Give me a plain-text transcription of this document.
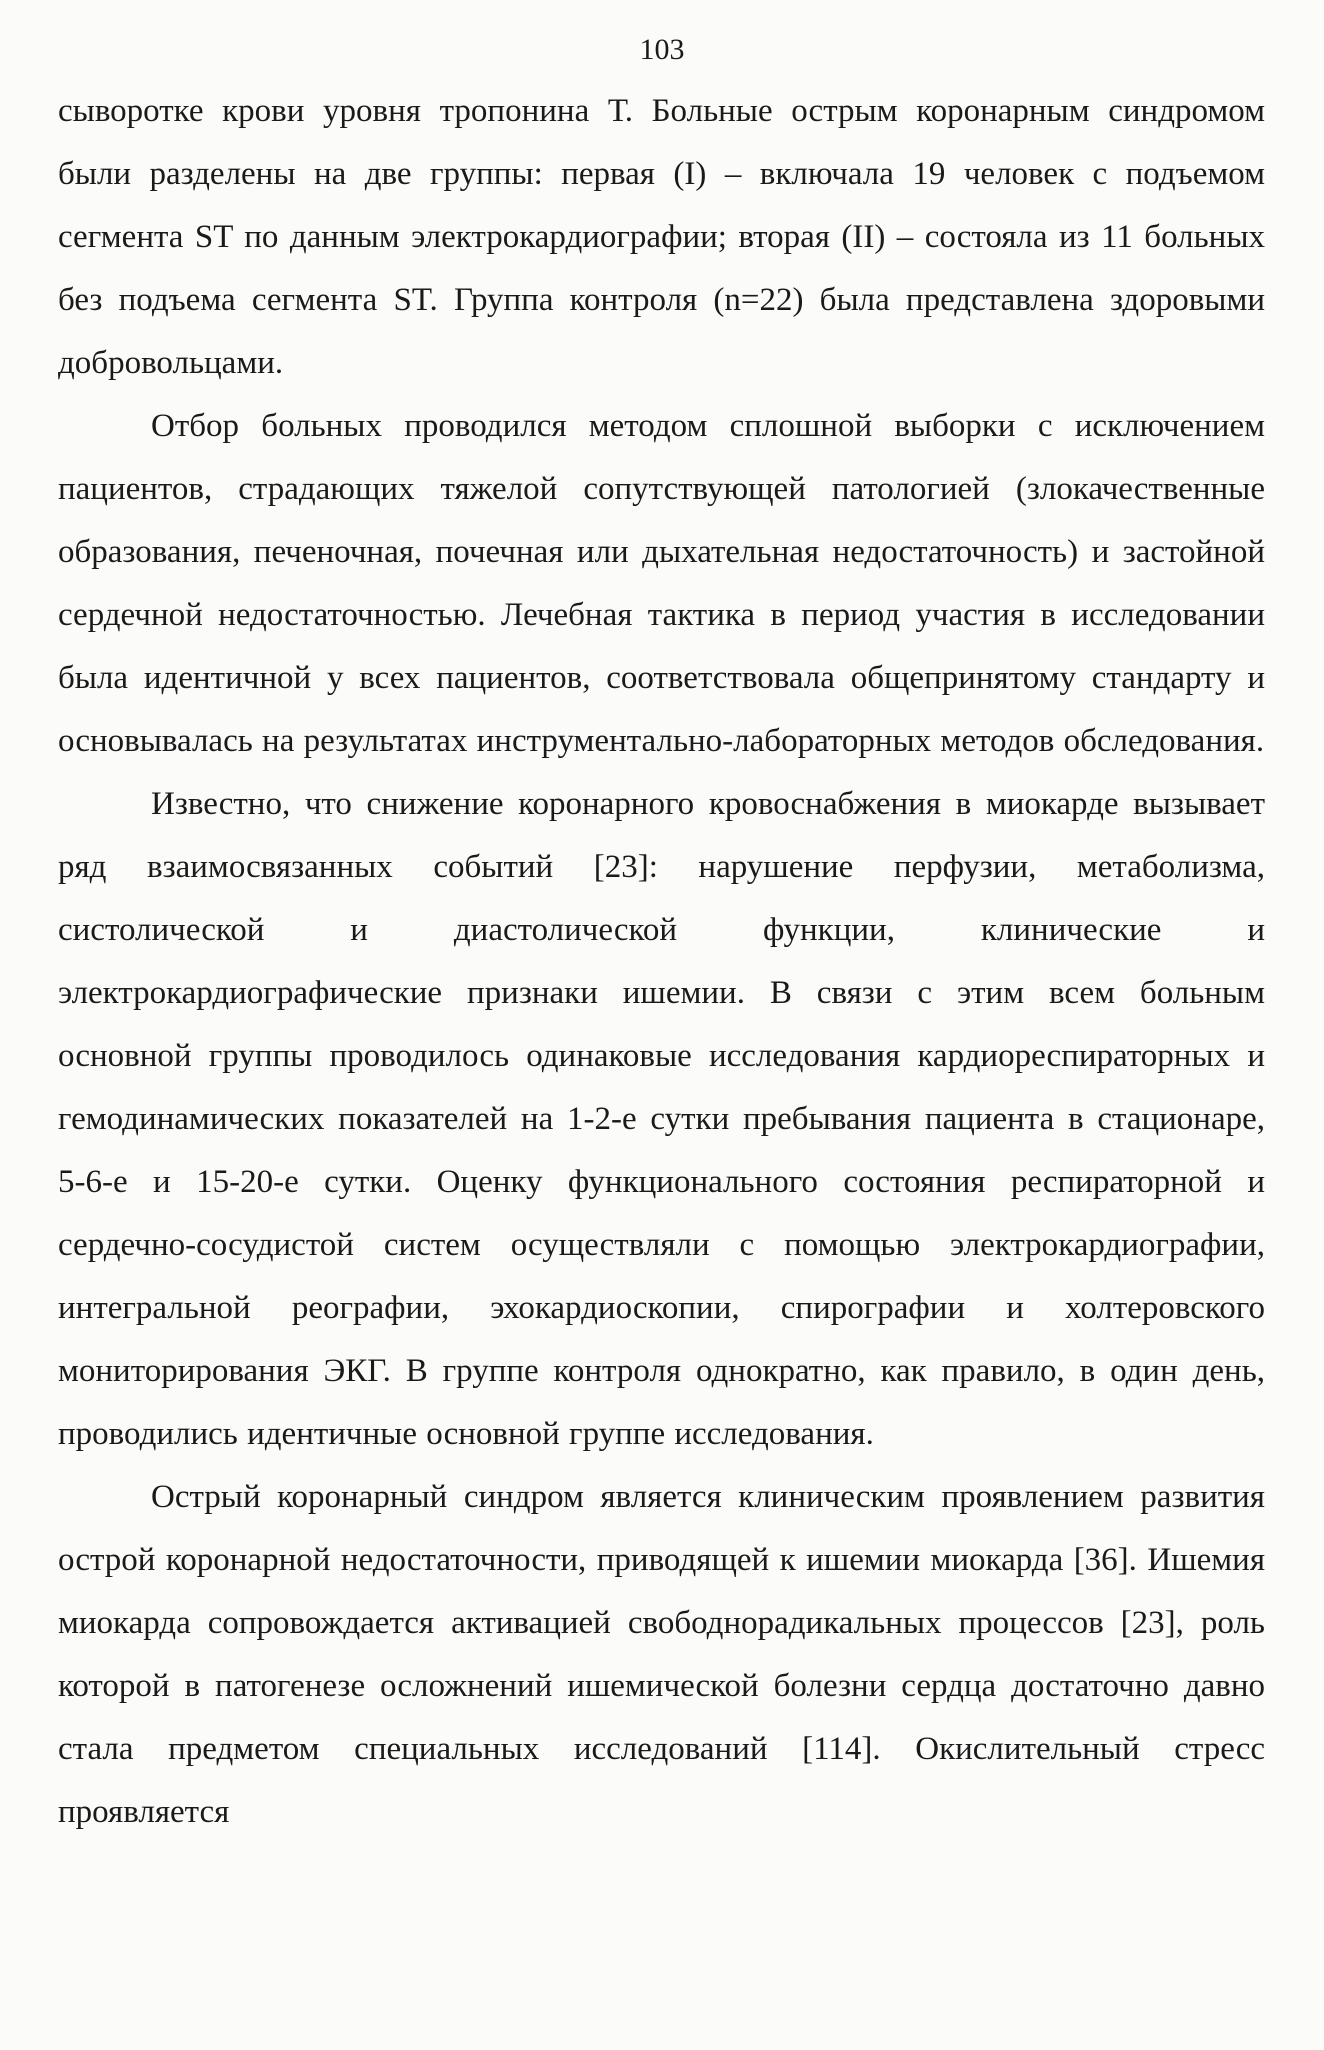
103

сыворотке крови уровня тропонина Т. Больные острым коронарным синдромом были разделены на две группы: первая (I) – включала 19 человек с подъемом сегмента ST по данным электрокардиографии; вторая (II) – состояла из 11 больных без подъема сегмента ST. Группа контроля (n=22) была представлена здоровыми добровольцами.

Отбор больных проводился методом сплошной выборки с исключением пациентов, страдающих тяжелой сопутствующей патологией (злокачественные образования, печеночная, почечная или дыхательная недостаточность) и застойной сердечной недостаточностью. Лечебная тактика в период участия в исследовании была идентичной у всех пациентов, соответствовала общепринятому стандарту и основывалась на результатах инструментально-лабораторных методов обследования.

Известно, что снижение коронарного кровоснабжения в миокарде вызывает ряд взаимосвязанных событий [23]: нарушение перфузии, метаболизма, систолической и диастолической функции, клинические и электрокардиографические признаки ишемии. В связи с этим всем больным основной группы проводилось одинаковые исследования кардиореспираторных и гемодинамических показателей на 1-2-е сутки пребывания пациента в стационаре, 5-6-е и 15-20-е сутки. Оценку функционального состояния респираторной и сердечно-сосудистой систем осуществляли с помощью электрокардиографии, интегральной реографии, эхокардиоскопии, спирографии и холтеровского мониторирования ЭКГ. В группе контроля однократно, как правило, в один день, проводились идентичные основной группе исследования.

Острый коронарный синдром является клиническим проявлением развития острой коронарной недостаточности, приводящей к ишемии миокарда [36]. Ишемия миокарда сопровождается активацией свободнорадикальных процессов [23], роль которой в патогенезе осложнений ишемической болезни сердца достаточно давно стала предметом специальных исследований [114]. Окислительный стресс проявляется
